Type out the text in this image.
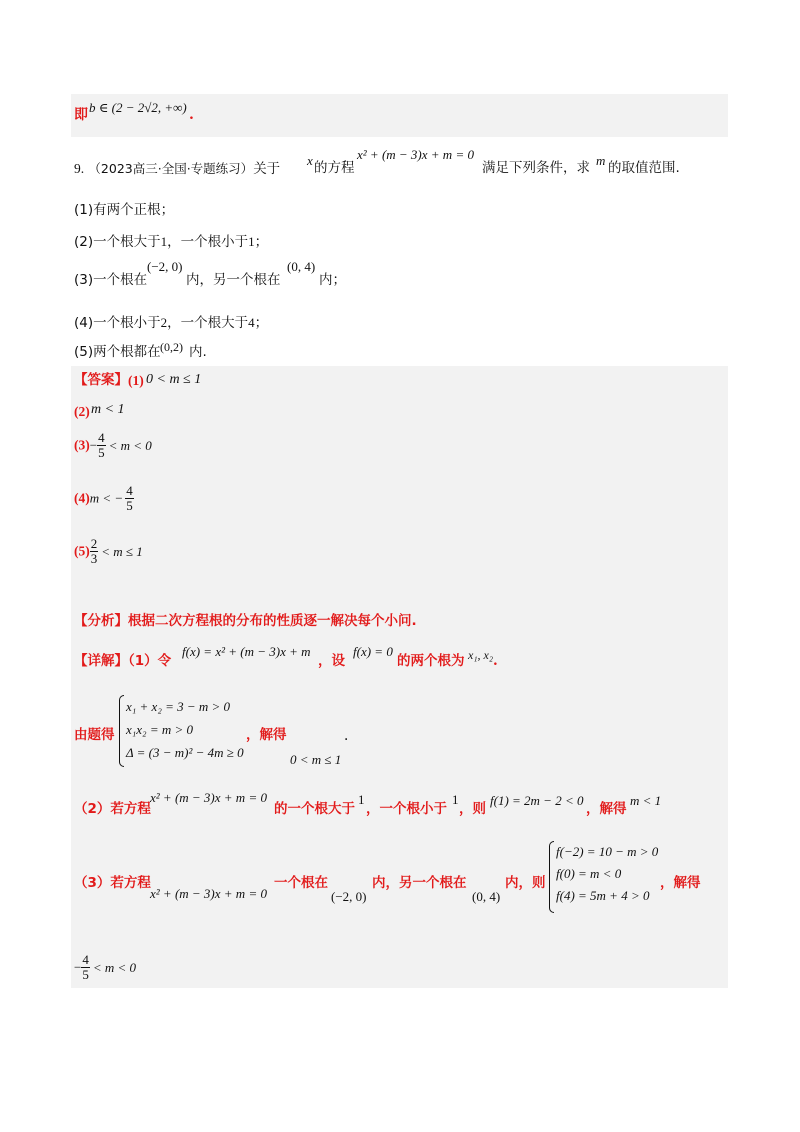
即 b ∈ (2 − 2√2, +∞) .
9. （2023高三·全国·专题练习）关于
x 的方程
x² + (m − 3)x + m = 0
满足下列条件，求 m 的取值范围.
(1)有两个正根；
(2)一个根大于1，一个根小于1；
(3)一个根在
(−2, 0)
内，另一个根在
(0, 4)
内；
(4)一个根小于2，一个根大于4；
(5)两个根都在 (0,2) 内.
【答案】 (1) 0 < m ≤ 1
(2) m < 1
$(3)- \frac{4}{5} < m < 0$
(4)m < − $\frac{4}{5}$
$(5) \frac{2}{3} < m \le 1$
【分析】根据二次方程根的分布的性质逐一解决每个小问.
【详解】（1）令
f(x) = x² + (m − 3)x + m
，设
f(x) = 0
的两个根为 x₁, x₂ .
由题得
x₁ + x₂ = 3 − m > 0
x₁x₂ = m > 0
Δ = (3 − m)² − 4m ≥ 0
，解得
0 < m ≤ 1
.
（2）若方程
x² + (m − 3)x + m = 0
的一个根大于
1
，一个根小于
1
，则
f(1) = 2m − 2 < 0
，解得
m < 1
（3）若方程
x² + (m − 3)x + m = 0
一个根在
(−2, 0)
内，另一个根在
(0, 4)
内，则
f(−2) = 10 − m > 0
f(0) = m < 0
f(4) = 5m + 4 > 0
，解得
− $\frac{4}{5} < m < 0$
